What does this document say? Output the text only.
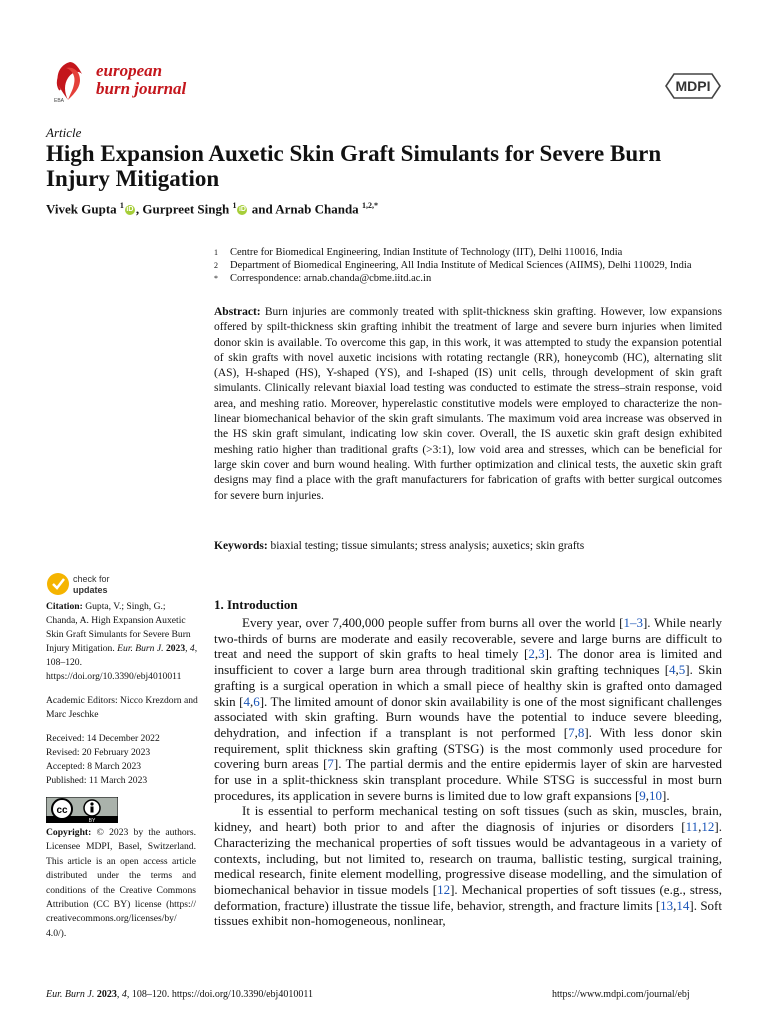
EBA
european
burn journal	MDPI
Article
High Expansion Auxetic Skin Graft Simulants for Severe Burn Injury Mitigation
Vivek Gupta $^1$ iD , Gurpreet Singh $^1$ iD and Arnab Chanda $^{1,2,*}$
1	Centre for Biomedical Engineering, Indian Institute of Technology (IIT), Delhi 110016, India
2	Department of Biomedical Engineering, All India Institute of Medical Sciences (AIIMS), Delhi 110029, India
*	Correspondence: arnab.chanda@cbme.iitd.ac.in
Abstract: Burn injuries are commonly treated with split-thickness skin grafting. However, low expansions offered by spilt-thickness skin grafting inhibit the treatment of large and severe burn injuries when limited donor skin is available. To overcome this gap, in this work, it was attempted to study the expansion potential of skin grafts with novel auxetic incisions with rotating rectangle (RR), honeycomb (HC), alternating slit (AS), H-shaped (HS), Y-shaped (YS), and I-shaped (IS) unit cells, through development of skin graft simulants. Clinically relevant biaxial load testing was conducted to estimate the stress–strain response, void area, and meshing ratio. Moreover, hyperelastic constitutive models were employed to characterize the non-linear biomechanical behavior of the skin graft simulants. The maximum void area increase was observed in the HS skin graft simulant, indicating low skin cover. Overall, the IS auxetic skin graft design exhibited meshing ratio higher than traditional grafts (>3:1), low void area and stresses, which can be beneficial for large skin cover and burn wound healing. With further optimization and clinical tests, the auxetic skin graft designs may find a place with the graft manufacturers for fabrication of grafts with better surgical outcomes for severe burn injuries.
Keywords: biaxial testing; tissue simulants; stress analysis; auxetics; skin grafts
check for
updates

Citation: Gupta, V.; Singh, G.; Chanda, A. High Expansion Auxetic Skin Graft Simulants for Severe Burn Injury Mitigation. Eur. Burn J. 2023, 4, 108–120. https://doi.org/10.3390/ebj4010011

Academic Editors: Nicco Krezdorn and Marc Jeschke

Received: 14 December 2022
Revised: 20 February 2023
Accepted: 8 March 2023
Published: 11 March 2023

cc
BY
Copyright: © 2023 by the authors. Licensee MDPI, Basel, Switzerland. This article is an open access article distributed under the terms and conditions of the Creative Commons Attribution (CC BY) license (https:// creativecommons.org/licenses/by/ 4.0/).
1. Introduction

Every year, over 7,400,000 people suffer from burns all over the world [1–3]. While nearly two-thirds of burns are moderate and easily recoverable, severe and large burns are difficult to treat and need the support of skin grafts to heal timely [2,3]. The donor area is limited and insufficient to cover a large burn area through traditional skin grafting techniques [4,5]. Skin grafting is a surgical operation in which a small piece of healthy skin is grafted onto damaged skin [4,6]. The limited amount of donor skin availability is one of the most significant challenges associated with skin grafting. Burn wounds have the potential to induce severe bleeding, dehydration, and infection if a transplant is not performed [7,8]. With less donor skin requirement, split thickness skin grafting (STSG) is the most commonly used procedure for covering burn areas [7]. The partial dermis and the entire epidermis layer of skin are harvested for use in a split-thickness skin transplant procedure. While STSG is successful in most burn procedures, its application in severe burns is limited due to low graft expansions [9,10].

It is essential to perform mechanical testing on soft tissues (such as skin, muscles, brain, kidney, and heart) both prior to and after the diagnosis of injuries or disorders [11,12]. Characterizing the mechanical properties of soft tissues would be advantageous in a variety of contexts, including, but not limited to, research on trauma, ballistic testing, surgical training, medical research, finite element modelling, progressive disease modelling, and the simulation of biomechanical behavior in tissue models [12]. Mechanical properties of soft tissues (e.g., stress, deformation, fracture) illustrate the tissue life, behavior, strength, and fracture limits [13,14]. Soft tissues exhibit non-homogeneous, nonlinear,

Eur. Burn J. 2023, 4, 108–120. https://doi.org/10.3390/ebj4010011	https://www.mdpi.com/journal/ebj
